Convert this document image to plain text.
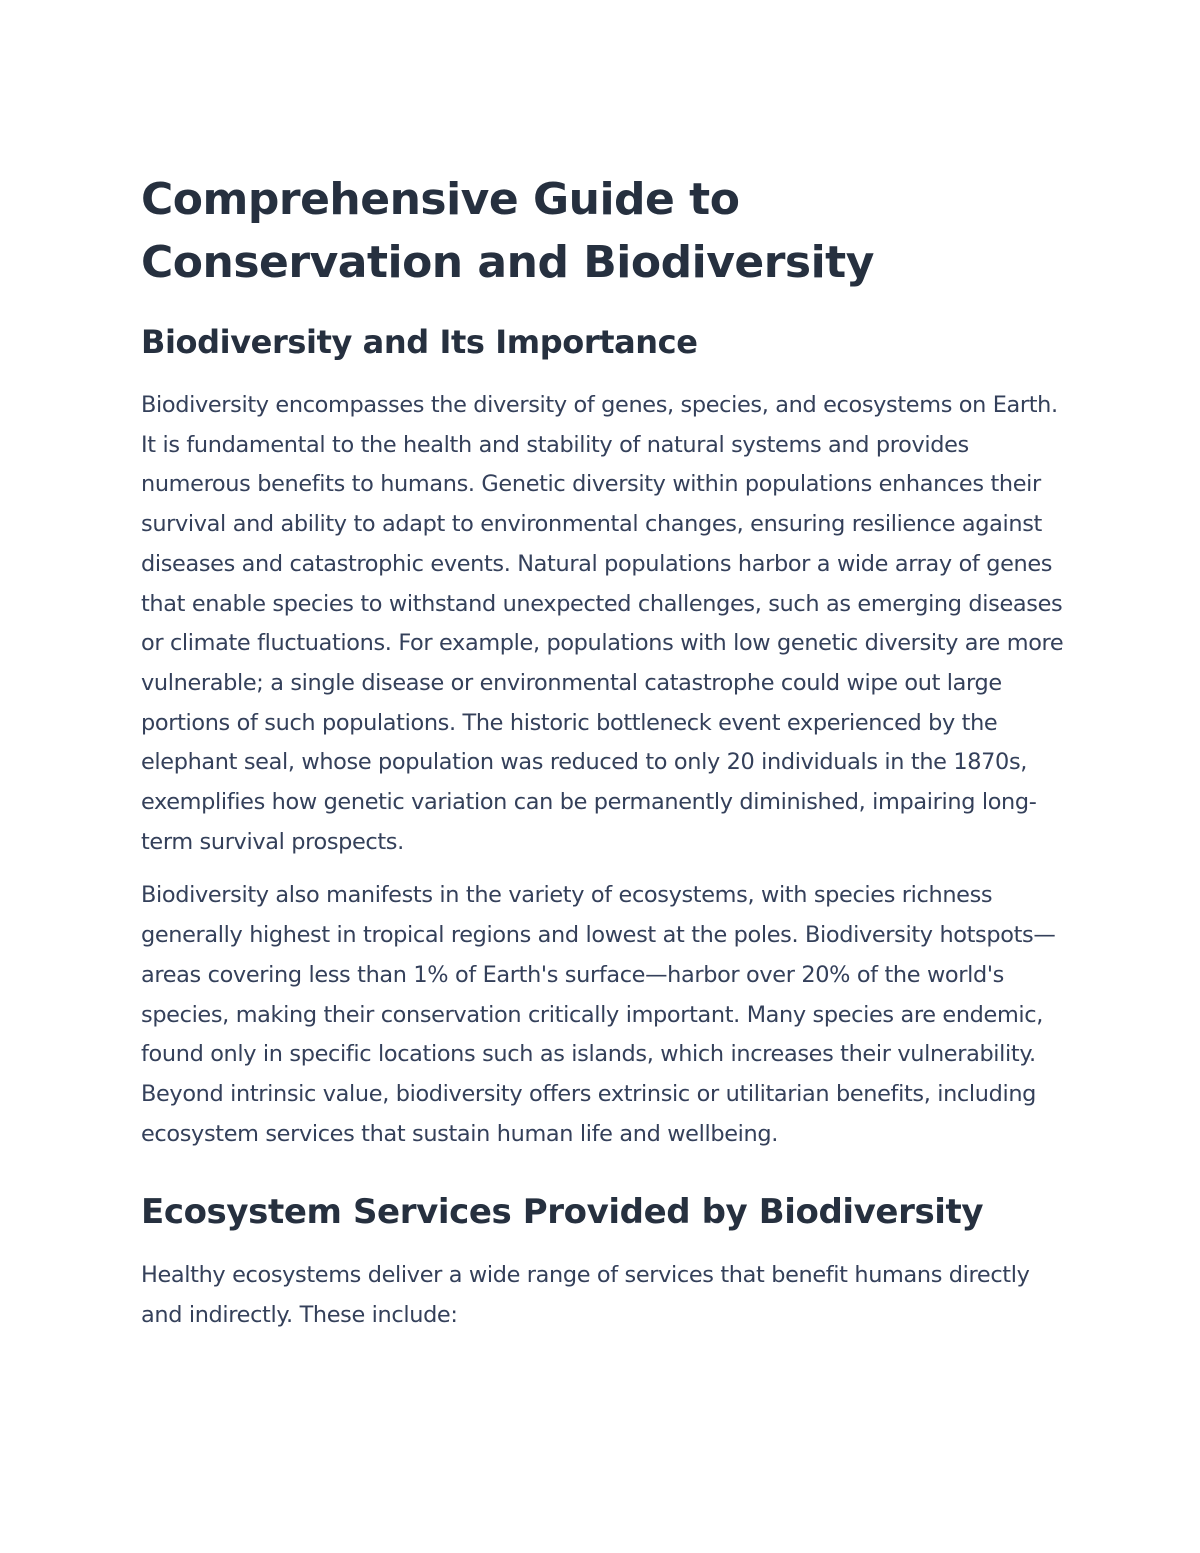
Comprehensive Guide to Conservation and Biodiversity
Biodiversity and Its Importance

Biodiversity encompasses the diversity of genes, species, and ecosystems on Earth. It is fundamental to the health and stability of natural systems and provides numerous benefits to humans. Genetic diversity within populations enhances their survival and ability to adapt to environmental changes, ensuring resilience against diseases and catastrophic events. Natural populations harbor a wide array of genes that enable species to withstand unexpected challenges, such as emerging diseases or climate fluctuations. For example, populations with low genetic diversity are more vulnerable; a single disease or environmental catastrophe could wipe out large portions of such populations. The historic bottleneck event experienced by the elephant seal, whose population was reduced to only 20 individuals in the 1870s, exemplifies how genetic variation can be permanently diminished, impairing long-term survival prospects.

Biodiversity also manifests in the variety of ecosystems, with species richness generally highest in tropical regions and lowest at the poles. Biodiversity hotspots—areas covering less than 1% of Earth's surface—harbor over 20% of the world's species, making their conservation critically important. Many species are endemic, found only in specific locations such as islands, which increases their vulnerability. Beyond intrinsic value, biodiversity offers extrinsic or utilitarian benefits, including ecosystem services that sustain human life and wellbeing.

Ecosystem Services Provided by Biodiversity

Healthy ecosystems deliver a wide range of services that benefit humans directly and indirectly. These include:
